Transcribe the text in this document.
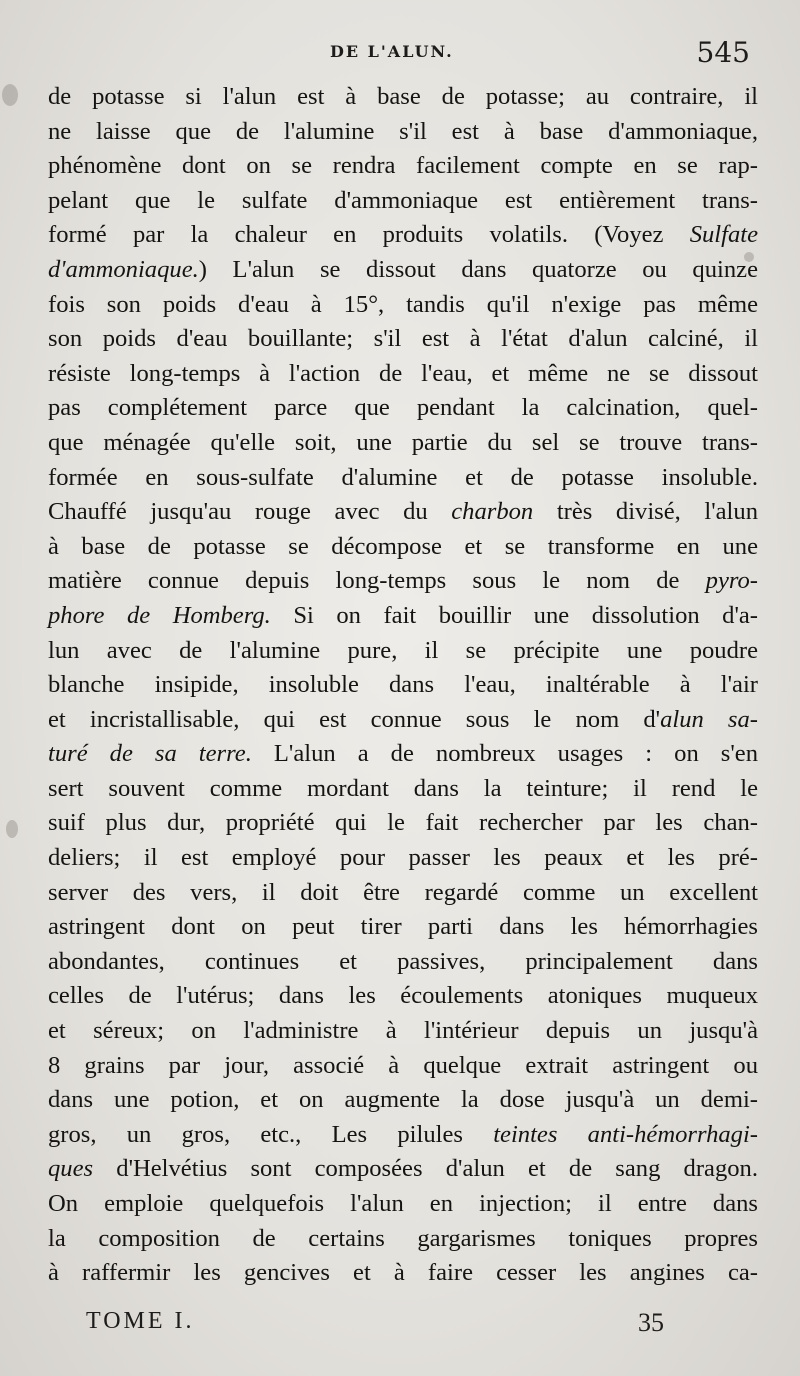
DE L'ALUN.	545
de potasse si l'alun est à base de potasse; au contraire, il
ne laisse que de l'alumine s'il est à base d'ammoniaque,
phénomène dont on se rendra facilement compte en se rap-
pelant que le sulfate d'ammoniaque est entièrement trans-
formé par la chaleur en produits volatils. (Voyez Sulfate
d'ammoniaque.) L'alun se dissout dans quatorze ou quinze
fois son poids d'eau à 15°, tandis qu'il n'exige pas même
son poids d'eau bouillante; s'il est à l'état d'alun calciné, il
résiste long-temps à l'action de l'eau, et même ne se dissout
pas complétement parce que pendant la calcination, quel-
que ménagée qu'elle soit, une partie du sel se trouve trans-
formée en sous-sulfate d'alumine et de potasse insoluble.
Chauffé jusqu'au rouge avec du charbon très divisé, l'alun
à base de potasse se décompose et se transforme en une
matière connue depuis long-temps sous le nom de pyro-
phore de Homberg. Si on fait bouillir une dissolution d'a-
lun avec de l'alumine pure, il se précipite une poudre
blanche insipide, insoluble dans l'eau, inaltérable à l'air
et incristallisable, qui est connue sous le nom d'alun sa-
turé de sa terre. L'alun a de nombreux usages : on s'en
sert souvent comme mordant dans la teinture; il rend le
suif plus dur, propriété qui le fait rechercher par les chan-
deliers; il est employé pour passer les peaux et les pré-
server des vers, il doit être regardé comme un excellent
astringent dont on peut tirer parti dans les hémorrhagies
abondantes, continues et passives, principalement dans
celles de l'utérus; dans les écoulements atoniques muqueux
et séreux; on l'administre à l'intérieur depuis un jusqu'à
8 grains par jour, associé à quelque extrait astringent ou
dans une potion, et on augmente la dose jusqu'à un demi-
gros, un gros, etc., Les pilules teintes anti-hémorrhagi-
ques d'Helvétius sont composées d'alun et de sang dragon.
On emploie quelquefois l'alun en injection; il entre dans
la composition de certains gargarismes toniques propres
à raffermir les gencives et à faire cesser les angines ca-
TOME I.	35
